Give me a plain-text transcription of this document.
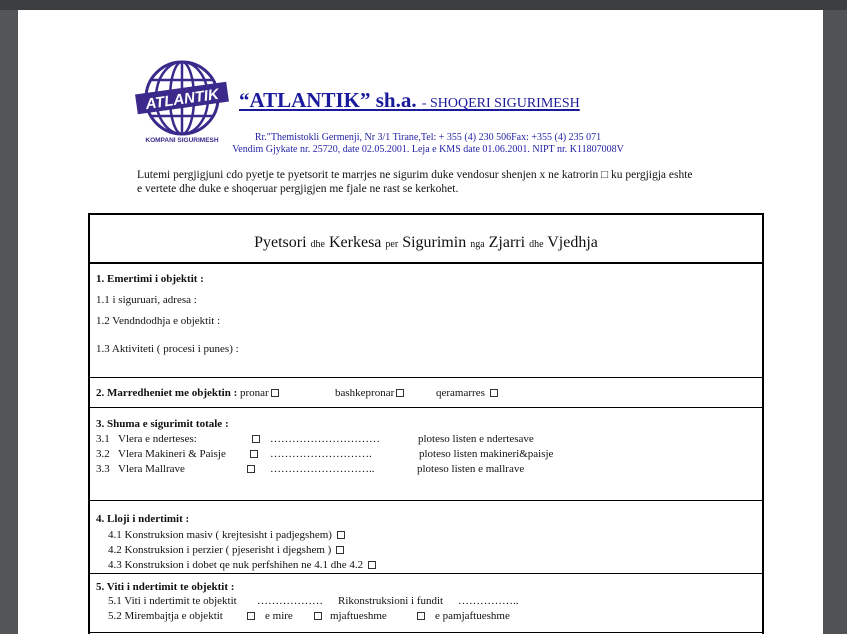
ATLANTIK
KOMPANI SIGURIMESH
“ATLANTIK” sh.a. - SHOQERI SIGURIMESH
Rr."Themistokli Germenji, Nr 3/1 Tirane,Tel: + 355 (4) 230 506Fax: +355 (4) 235 071
Vendim Gjykate nr. 25720, date 02.05.2001. Leja e KMS date 01.06.2001. NIPT nr. K11807008V
Lutemi pergjigjuni cdo pyetje te pyetsorit te marrjes ne sigurim duke vendosur shenjen x ne katrorin □ ku pergjigja eshte e vertete dhe duke e shoqeruar pergjigjen me fjale ne rast se kerkohet.
Pyetsori dhe Kerkesa per Sigurimin nga Zjarri dhe Vjedhja
1. Emertimi i objektit :
1.1 i siguruari, adresa :
1.2 Vendndodhja e objektit :
1.3 Aktiviteti ( procesi i punes) :
2. Marredheniet me objektin : pronar	bashkepronar	qeramarres
3. Shuma e sigurimit totale :
3.1 Vlera e nderteses:	…………………………	ploteso listen e ndertesave
3.2 Vlera Makineri & Paisje	……………………….	ploteso listen makineri&paisje
3.3 Vlera Mallrave	………………………..	ploteso listen e mallrave
4. Lloji i ndertimit :
4.1 Konstruksion masiv ( krejtesisht i padjegshem)
4.2 Konstruksion i perzier ( pjeserisht i djegshem )
4.3 Konstruksion i dobet qe nuk perfshihen ne 4.1 dhe 4.2
5. Viti i ndertimit te objektit :
5.1 Viti i ndertimit te objektit ……………… Rikonstruksioni i fundit ……………..
5.2 Mirembajtja e objektit	e mire	mjaftueshme	e pamjaftueshme
